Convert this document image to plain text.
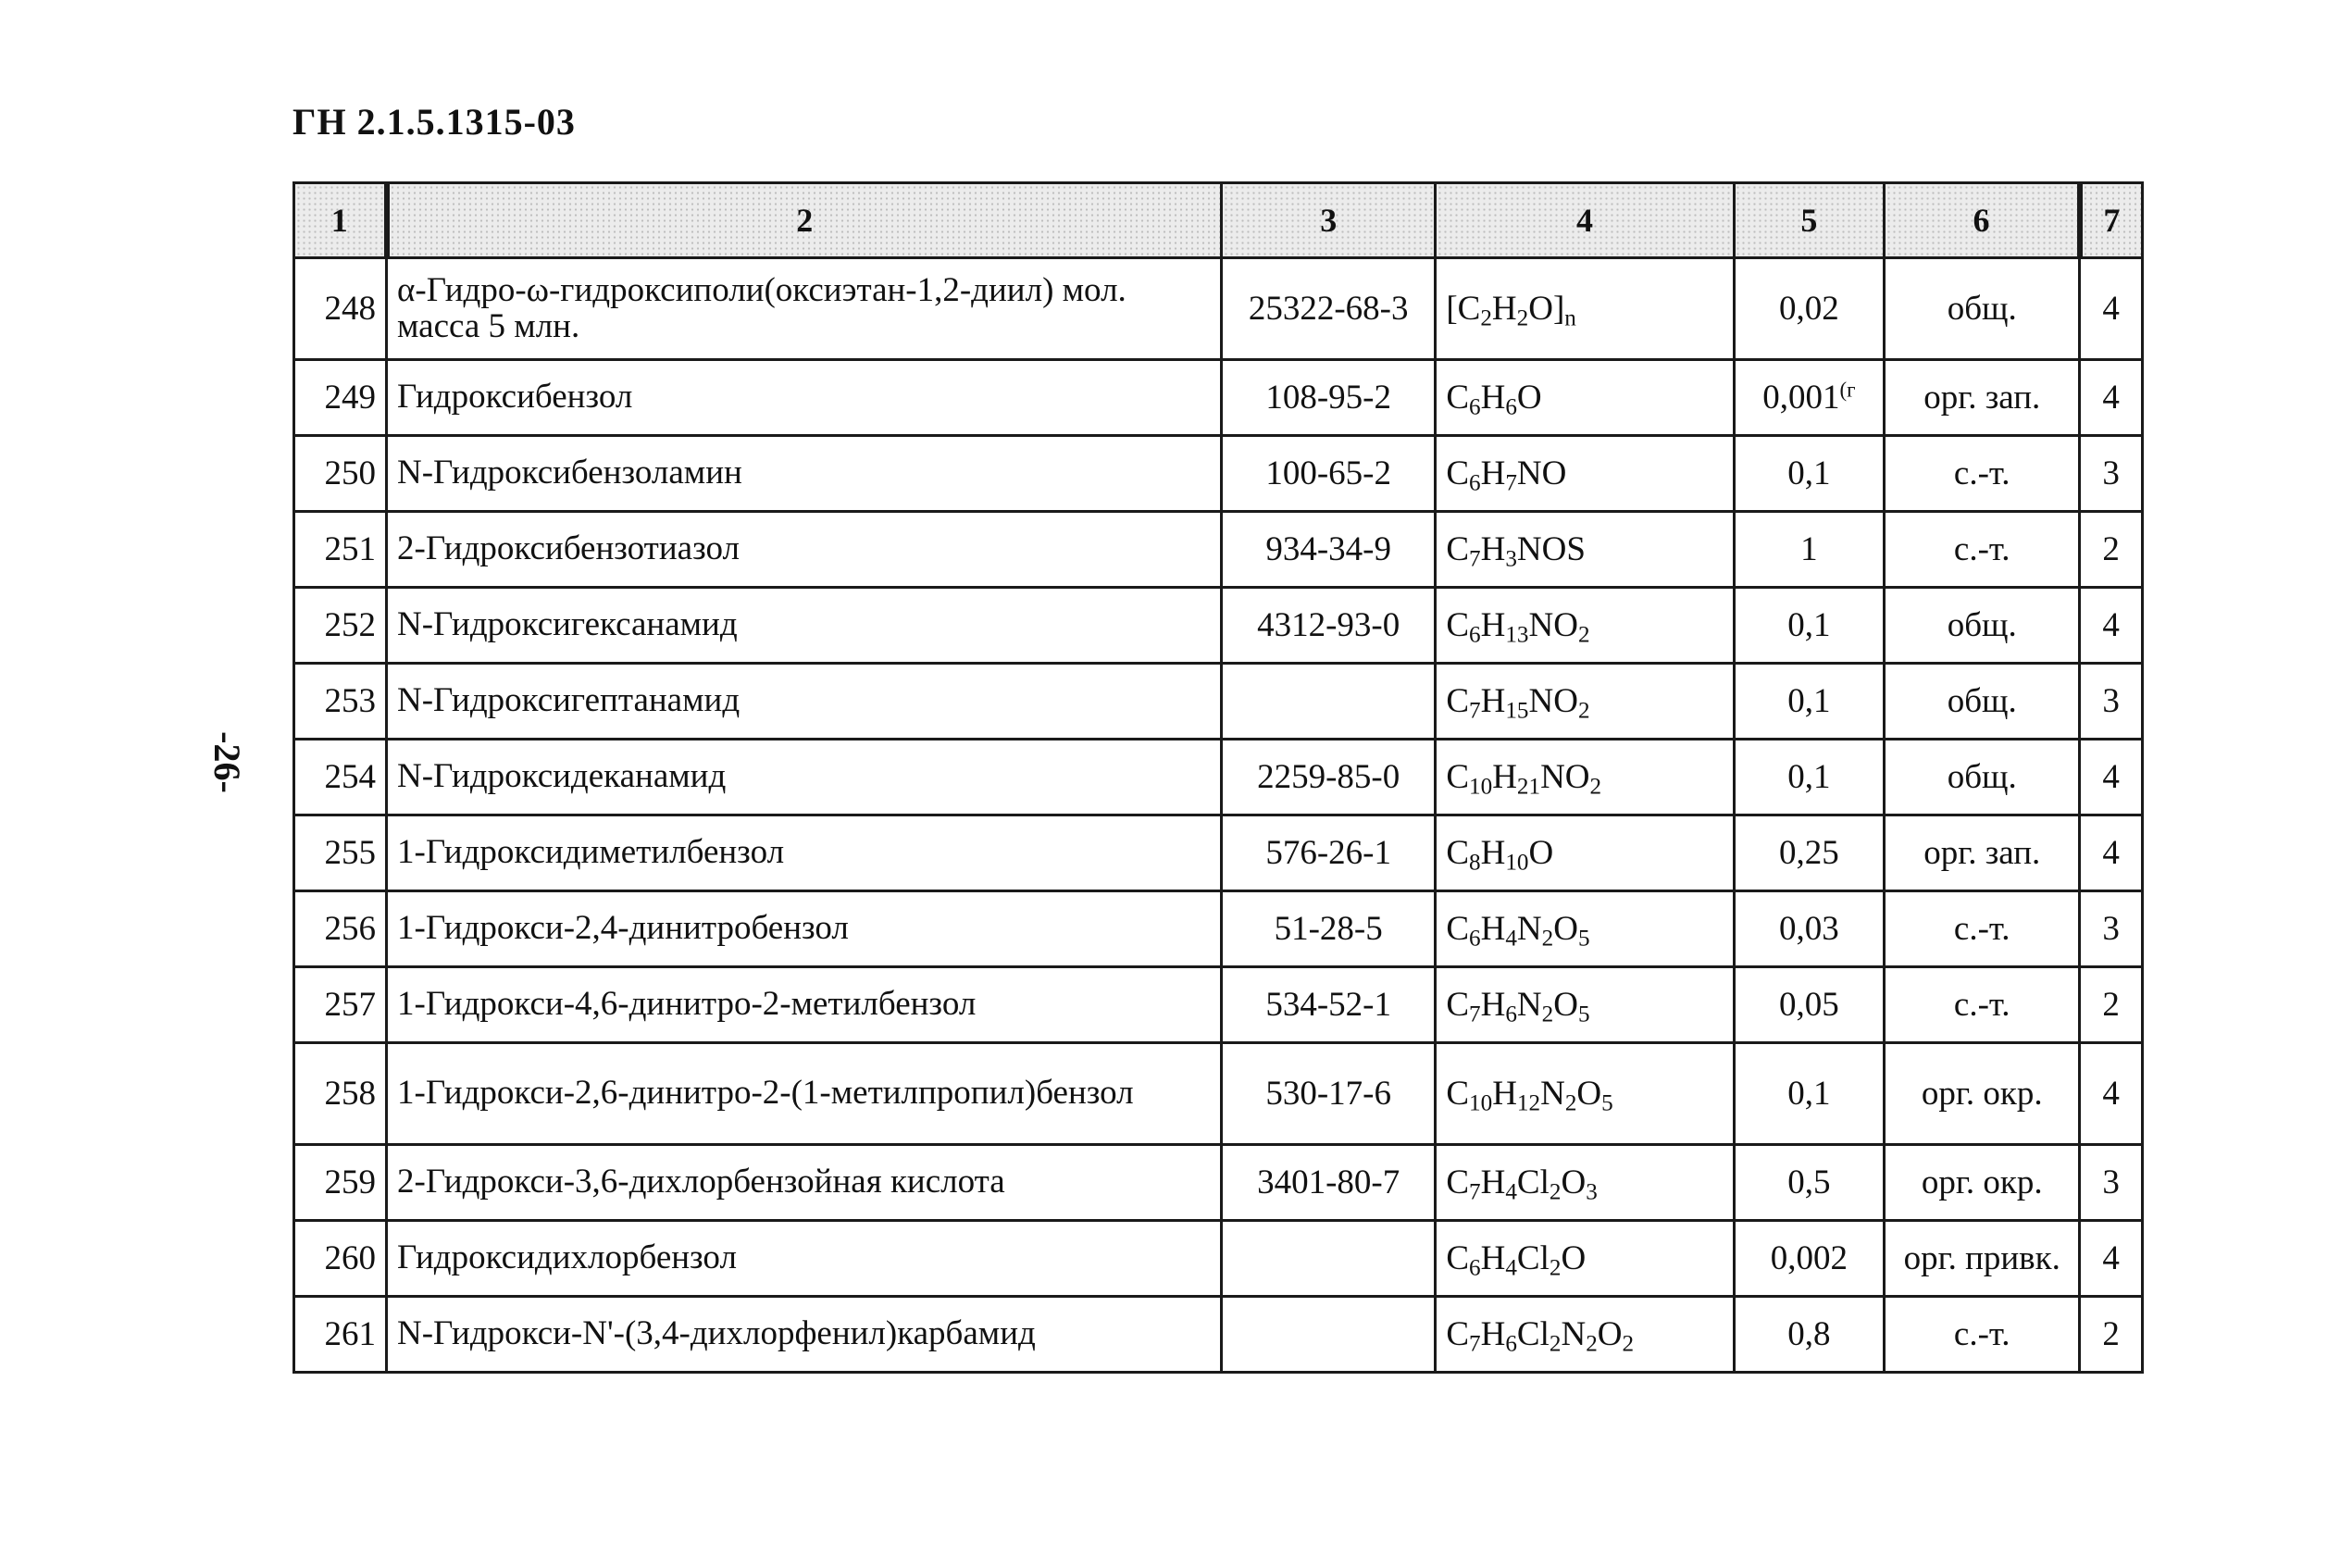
ГН 2.1.5.1315-03
-26-
1	2	3	4	5	6	7
248	α-Гидро-ω-гидроксиполи(оксиэтан-1,2-диил) мол. масса 5 млн.	25322-68-3	$[C_2H_2O]_n$	0,02	общ.	4
249	Гидроксибензол	108-95-2	$C_6H_6O$	$0,001^{(г}$	орг. зап.	4
250	N-Гидроксибензоламин	100-65-2	$C_6H_7NO$	0,1	с.-т.	3
251	2-Гидроксибензотиазол	934-34-9	$C_7H_3NOS$	1	с.-т.	2
252	N-Гидроксигексанамид	4312-93-0	$C_6H_{13}NO_2$	0,1	общ.	4
253	N-Гидроксигептанамид		$C_7H_{15}NO_2$	0,1	общ.	3
254	N-Гидроксидеканамид	2259-85-0	$C_{10}H_{21}NO_2$	0,1	общ.	4
255	1-Гидроксидиметилбензол	576-26-1	$C_8H_{10}O$	0,25	орг. зап.	4
256	1-Гидрокси-2,4-динитробензол	51-28-5	$C_6H_4N_2O_5$	0,03	с.-т.	3
257	1-Гидрокси-4,6-динитро-2-метилбензол	534-52-1	$C_7H_6N_2O_5$	0,05	с.-т.	2
258	1-Гидрокси-2,6-динитро-2-(1-метилпропил)бензол	530-17-6	$C_{10}H_{12}N_2O_5$	0,1	орг. окр.	4
259	2-Гидрокси-3,6-дихлорбензойная кислота	3401-80-7	$C_7H_4Cl_2O_3$	0,5	орг. окр.	3
260	Гидроксидихлорбензол		$C_6H_4Cl_2O$	0,002	орг. привк.	4
261	N-Гидрокси-N'-(3,4-дихлорфенил)карбамид		$C_7H_6Cl_2N_2O_2$	0,8	с.-т.	2
